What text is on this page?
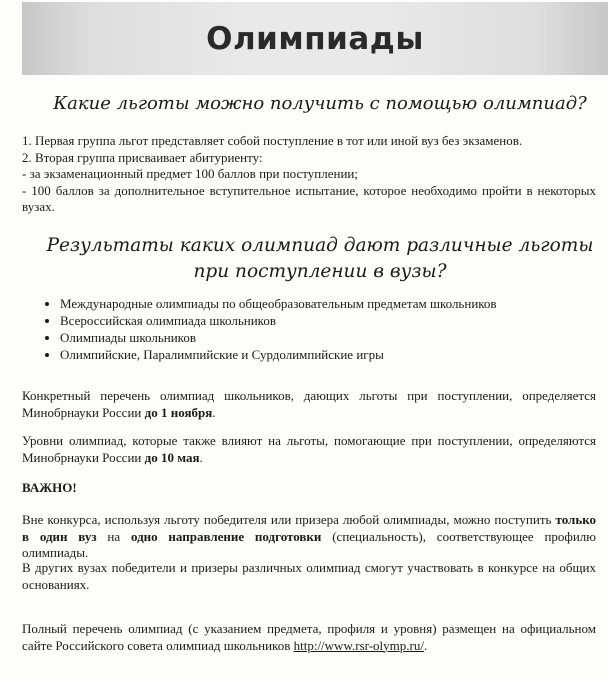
Олимпиады
Какие льготы можно получить с помощью олимпиад?

1. Первая группа льгот представляет собой поступление в тот или иной вуз без экзаменов.

2. Вторая группа присваивает абитуриенту:

- за экзаменационный предмет 100 баллов при поступлении;

- 100 баллов за дополнительное вступительное испытание, которое необходимо пройти в некоторых вузах.

Результаты каких олимпиад дают различные льготы при поступлении в вузы?
• Международные олимпиады по общеобразовательным предметам школьников
• Всероссийская олимпиада школьников
• Олимпиады школьников
• Олимпийские, Паралимпийские и Сурдолимпийские игры
Конкретный перечень олимпиад школьников, дающих льготы при поступлении, определяется Минобрнауки России до 1 ноября.
Уровни олимпиад, которые также влияют на льготы, помогающие при поступлении, определяются Минобрнауки России до 10 мая.
ВАЖНО!
Вне конкурса, используя льготу победителя или призера любой олимпиады, можно поступить только в один вуз на одно направление подготовки (специальность), соответствующее профилю олимпиады.
В других вузах победители и призеры различных олимпиад смогут участвовать в конкурсе на общих основаниях.
Полный перечень олимпиад (с указанием предмета, профиля и уровня) размещен на официальном сайте Российского совета олимпиад школьников http://www.rsr-olymp.ru/.
